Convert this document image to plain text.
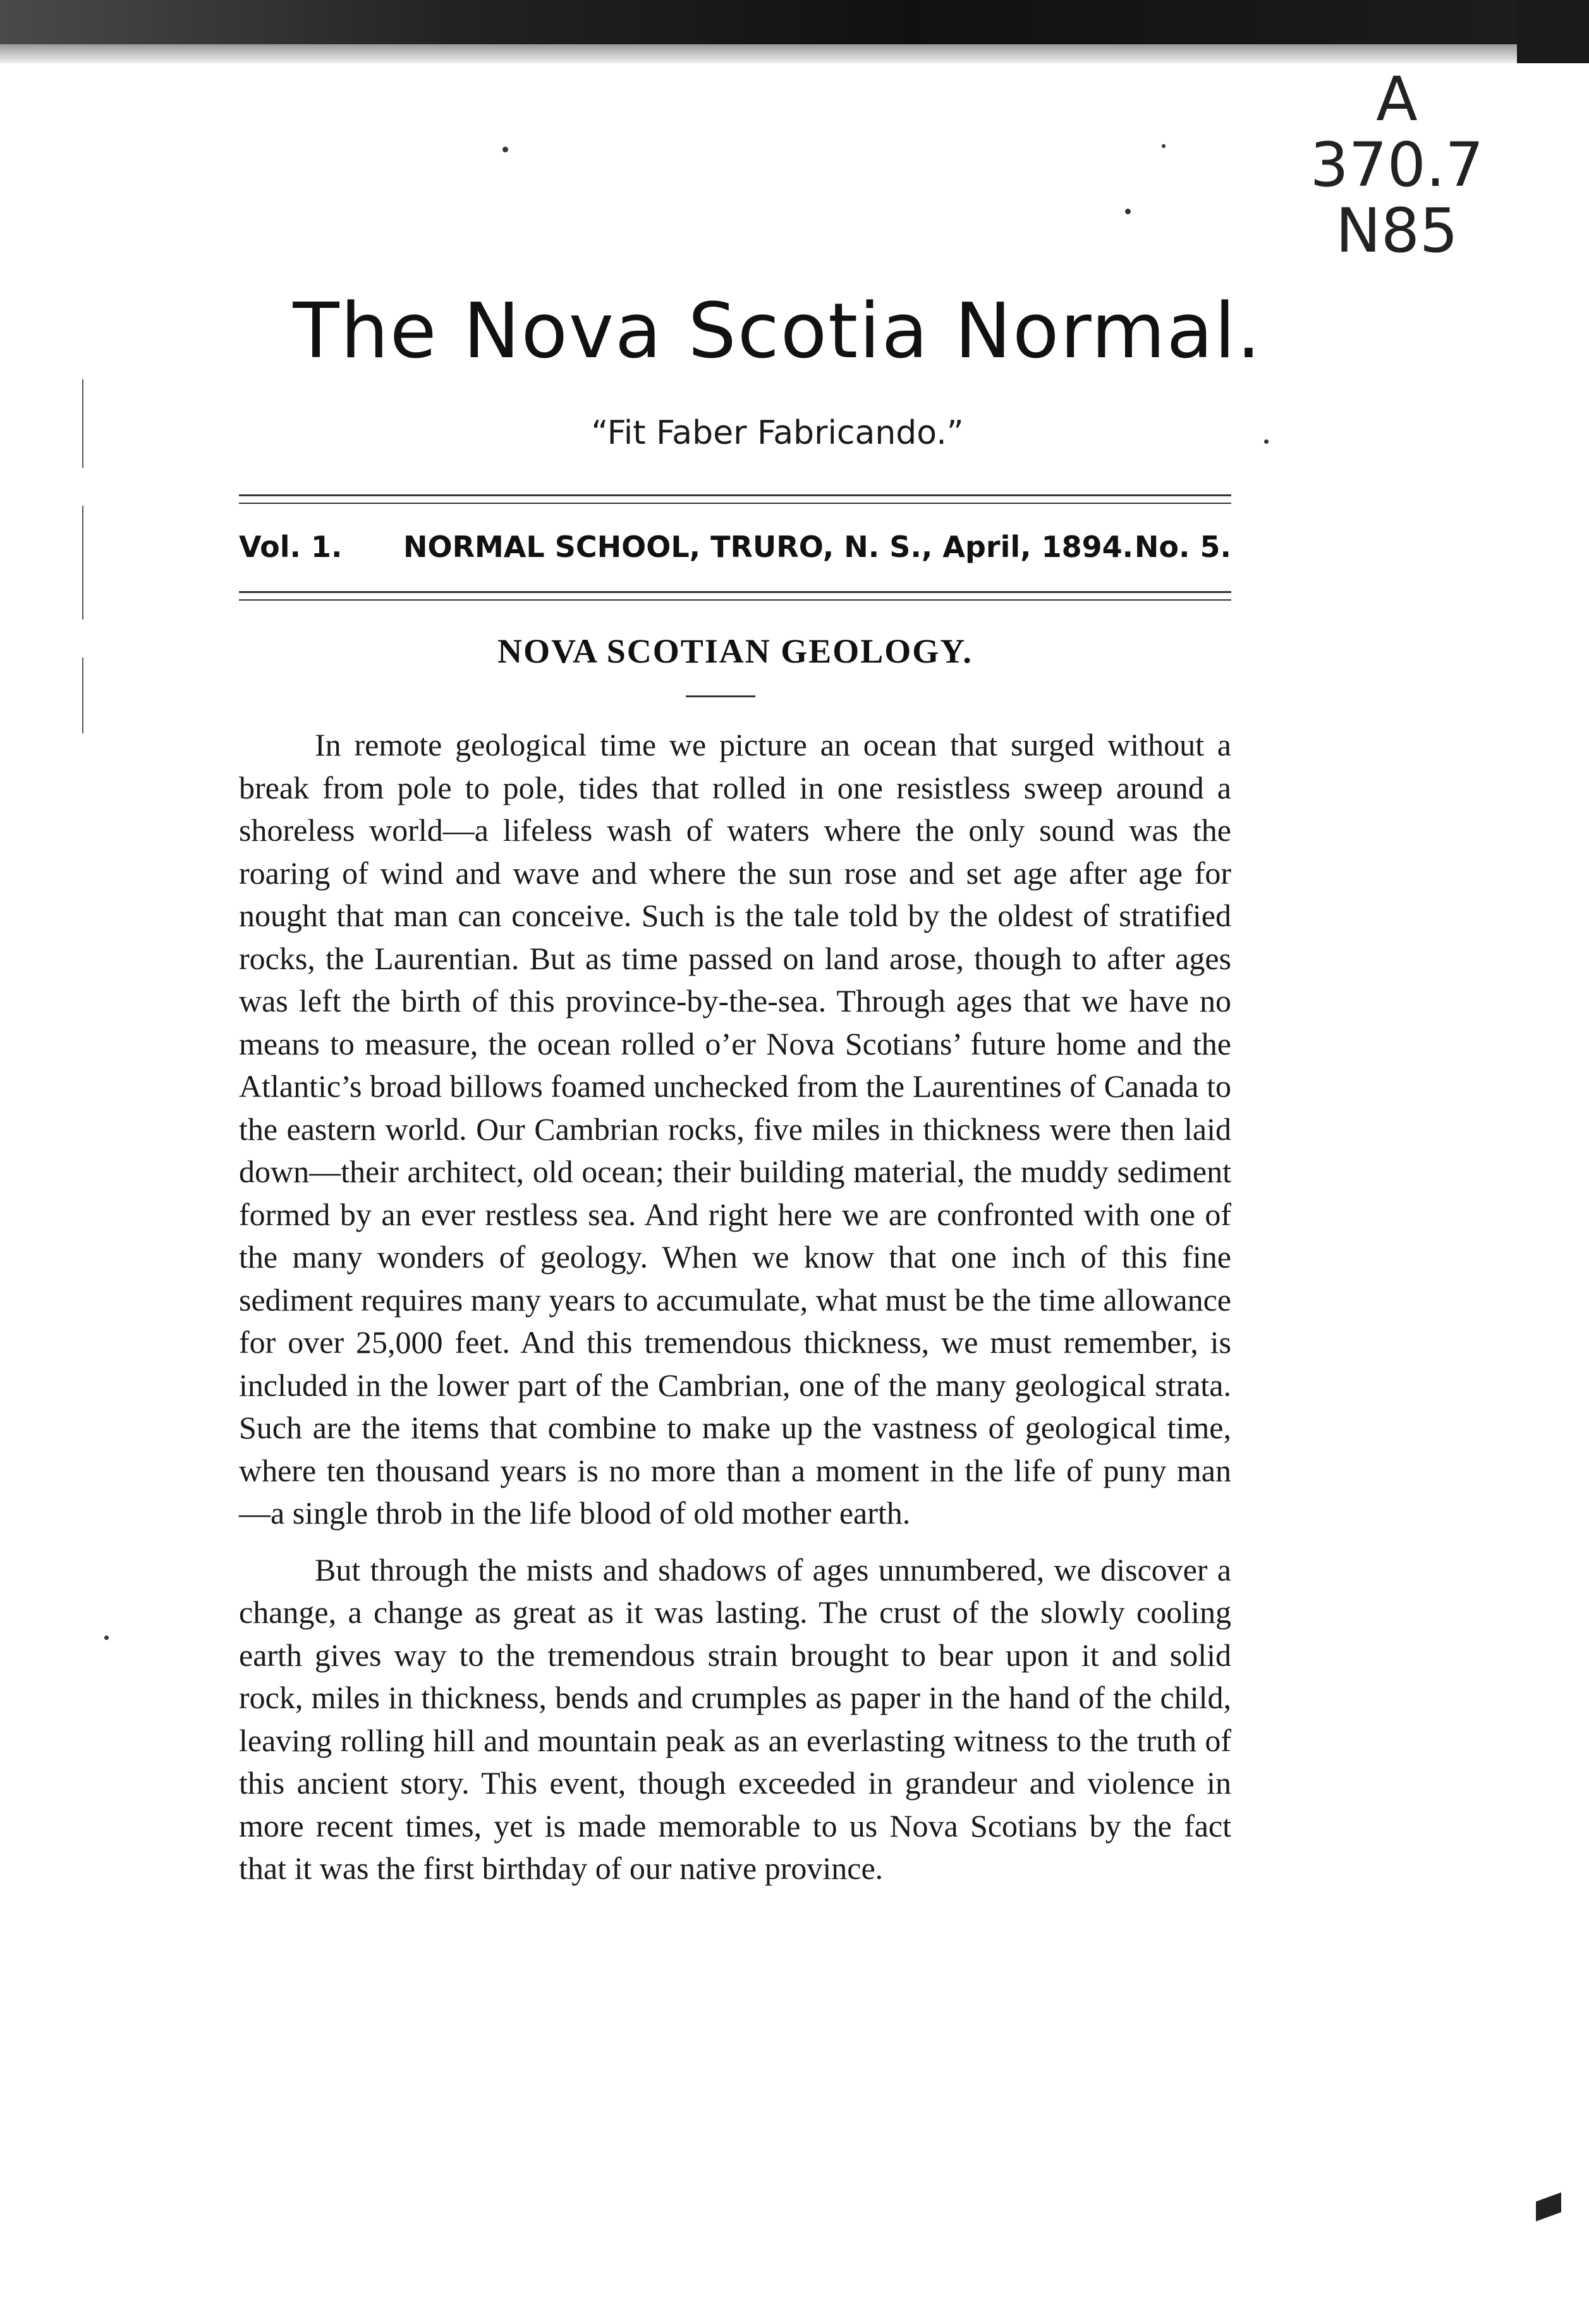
A
370.7
N85
The Nova Scotia Normal.
“Fit Faber Fabricando.”
Vol. 1. NORMAL SCHOOL, TRURO, N. S., April, 1894. No. 5.
NOVA SCOTIAN GEOLOGY.

In remote geological time we picture an ocean that surged without a break from pole to pole, tides that rolled in one resistless sweep around a shoreless world—a lifeless wash of waters where the only sound was the roaring of wind and wave and where the sun rose and set age after age for nought that man can conceive. Such is the tale told by the oldest of stratified rocks, the Laurentian. But as time passed on land arose, though to after ages was left the birth of this province-by-the-sea. Through ages that we have no means to measure, the ocean rolled o’er Nova Scotians’ future home and the Atlantic’s broad billows foamed unchecked from the Laurentines of Canada to the eastern world. Our Cambrian rocks, five miles in thickness were then laid down—their architect, old ocean; their building material, the muddy sediment formed by an ever restless sea. And right here we are confronted with one of the many wonders of geology. When we know that one inch of this fine sediment requires many years to accumulate, what must be the time allowance for over 25,000 feet. And this tremendous thickness, we must remember, is included in the lower part of the Cambrian, one of the many geological strata. Such are the items that combine to make up the vastness of geological time, where ten thousand years is no more than a moment in the life of puny man —a single throb in the life blood of old mother earth.

But through the mists and shadows of ages unnumbered, we discover a change, a change as great as it was lasting. The crust of the slowly cooling earth gives way to the tremendous strain brought to bear upon it and solid rock, miles in thickness, bends and crumples as paper in the hand of the child, leaving rolling hill and mountain peak as an everlasting witness to the truth of this ancient story. This event, though exceeded in grandeur and violence in more recent times, yet is made memorable to us Nova Scotians by the fact that it was the first birthday of our native province.
